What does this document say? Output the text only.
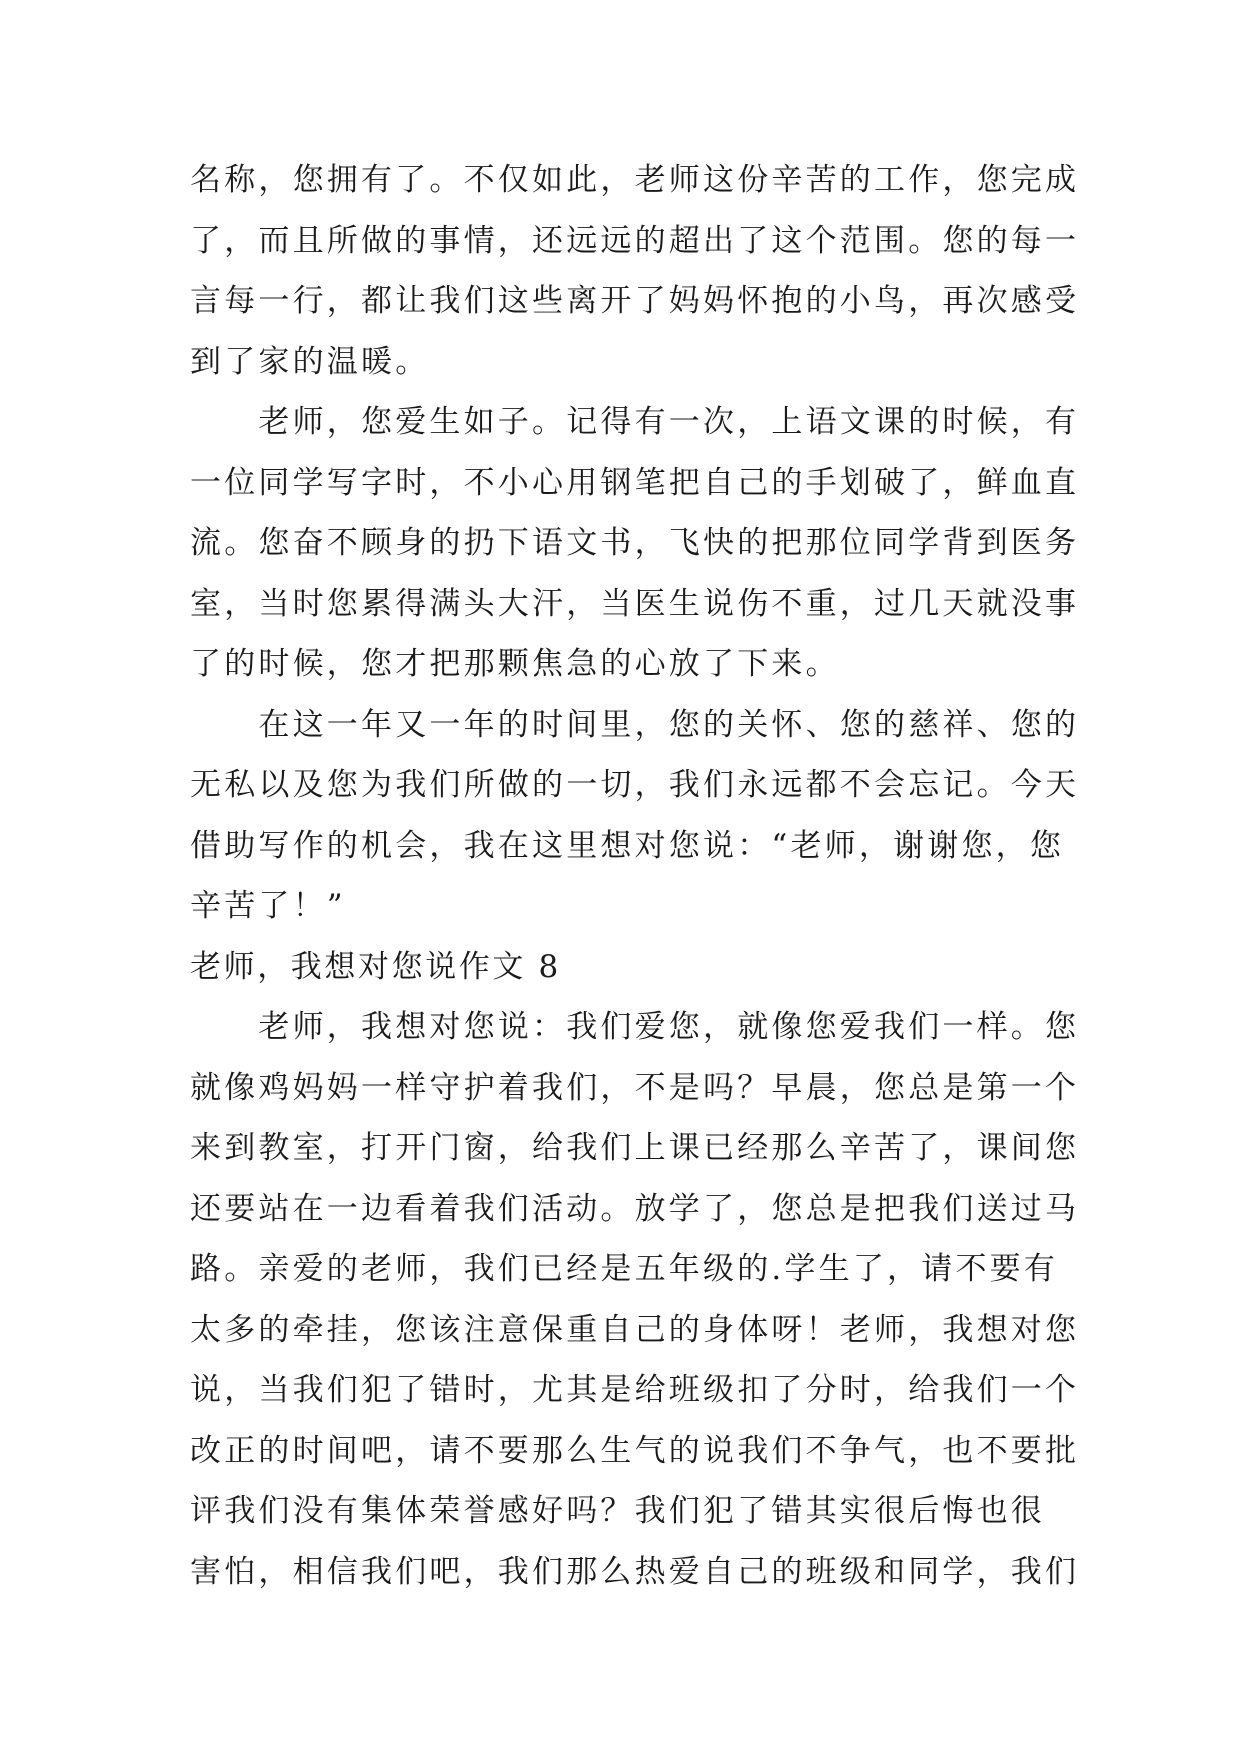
名称，您拥有了。不仅如此，老师这份辛苦的工作，您完成
了，而且所做的事情，还远远的超出了这个范围。您的每一
言每一行，都让我们这些离开了妈妈怀抱的小鸟，再次感受
到了家的温暖。
　　老师，您爱生如子。记得有一次，上语文课的时候，有
一位同学写字时，不小心用钢笔把自己的手划破了，鲜血直
流。您奋不顾身的扔下语文书，飞快的把那位同学背到医务
室，当时您累得满头大汗，当医生说伤不重，过几天就没事
了的时候，您才把那颗焦急的心放了下来。
　　在这一年又一年的时间里，您的关怀、您的慈祥、您的
无私以及您为我们所做的一切，我们永远都不会忘记。今天
借助写作的机会，我在这里想对您说：“老师，谢谢您，您
辛苦了！”
老师，我想对您说作文 8
　　老师，我想对您说：我们爱您，就像您爱我们一样。您
就像鸡妈妈一样守护着我们，不是吗？早晨，您总是第一个
来到教室，打开门窗，给我们上课已经那么辛苦了，课间您
还要站在一边看着我们活动。放学了，您总是把我们送过马
路。亲爱的老师，我们已经是五年级的.学生了，请不要有
太多的牵挂，您该注意保重自己的身体呀！老师，我想对您
说，当我们犯了错时，尤其是给班级扣了分时，给我们一个
改正的时间吧，请不要那么生气的说我们不争气，也不要批
评我们没有集体荣誉感好吗？我们犯了错其实很后悔也很
害怕，相信我们吧，我们那么热爱自己的班级和同学，我们
